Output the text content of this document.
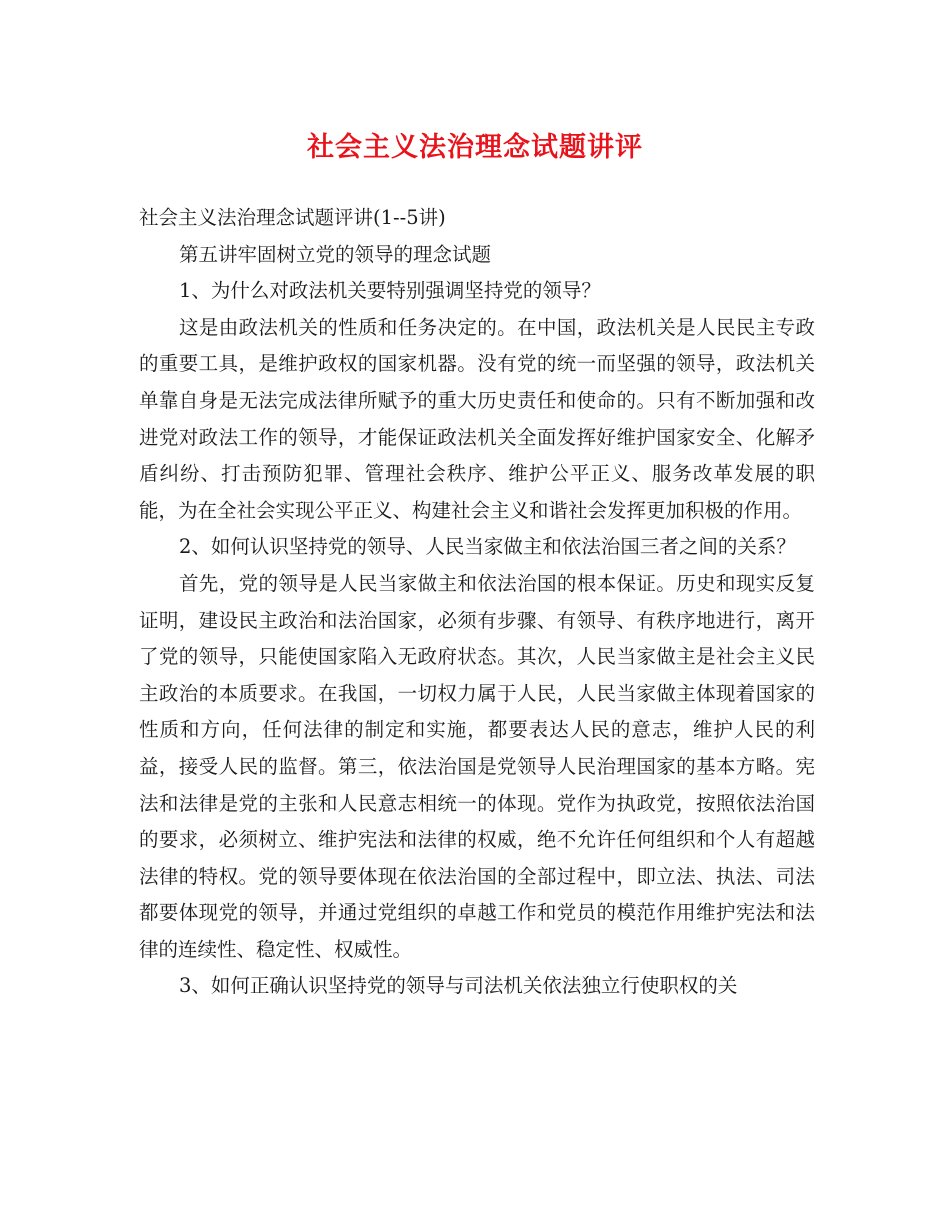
社会主义法治理念试题讲评

社会主义法治理念试题评讲(1--5讲)

第五讲牢固树立党的领导的理念试题

1、为什么对政法机关要特别强调坚持党的领导？

这是由政法机关的性质和任务决定的。在中国，政法机关是人民民主专政的重要工具，是维护政权的国家机器。没有党的统一而坚强的领导，政法机关单靠自身是无法完成法律所赋予的重大历史责任和使命的。只有不断加强和改进党对政法工作的领导，才能保证政法机关全面发挥好维护国家安全、化解矛盾纠纷、打击预防犯罪、管理社会秩序、维护公平正义、服务改革发展的职能，为在全社会实现公平正义、构建社会主义和谐社会发挥更加积极的作用。

2、如何认识坚持党的领导、人民当家做主和依法治国三者之间的关系？

首先，党的领导是人民当家做主和依法治国的根本保证。历史和现实反复证明，建设民主政治和法治国家，必须有步骤、有领导、有秩序地进行，离开了党的领导，只能使国家陷入无政府状态。其次，人民当家做主是社会主义民主政治的本质要求。在我国，一切权力属于人民，人民当家做主体现着国家的性质和方向，任何法律的制定和实施，都要表达人民的意志，维护人民的利益，接受人民的监督。第三，依法治国是党领导人民治理国家的基本方略。宪法和法律是党的主张和人民意志相统一的体现。党作为执政党，按照依法治国的要求，必须树立、维护宪法和法律的权威，绝不允许任何组织和个人有超越法律的特权。党的领导要体现在依法治国的全部过程中，即立法、执法、司法都要体现党的领导，并通过党组织的卓越工作和党员的模范作用维护宪法和法律的连续性、稳定性、权威性。

3、如何正确认识坚持党的领导与司法机关依法独立行使职权的关
